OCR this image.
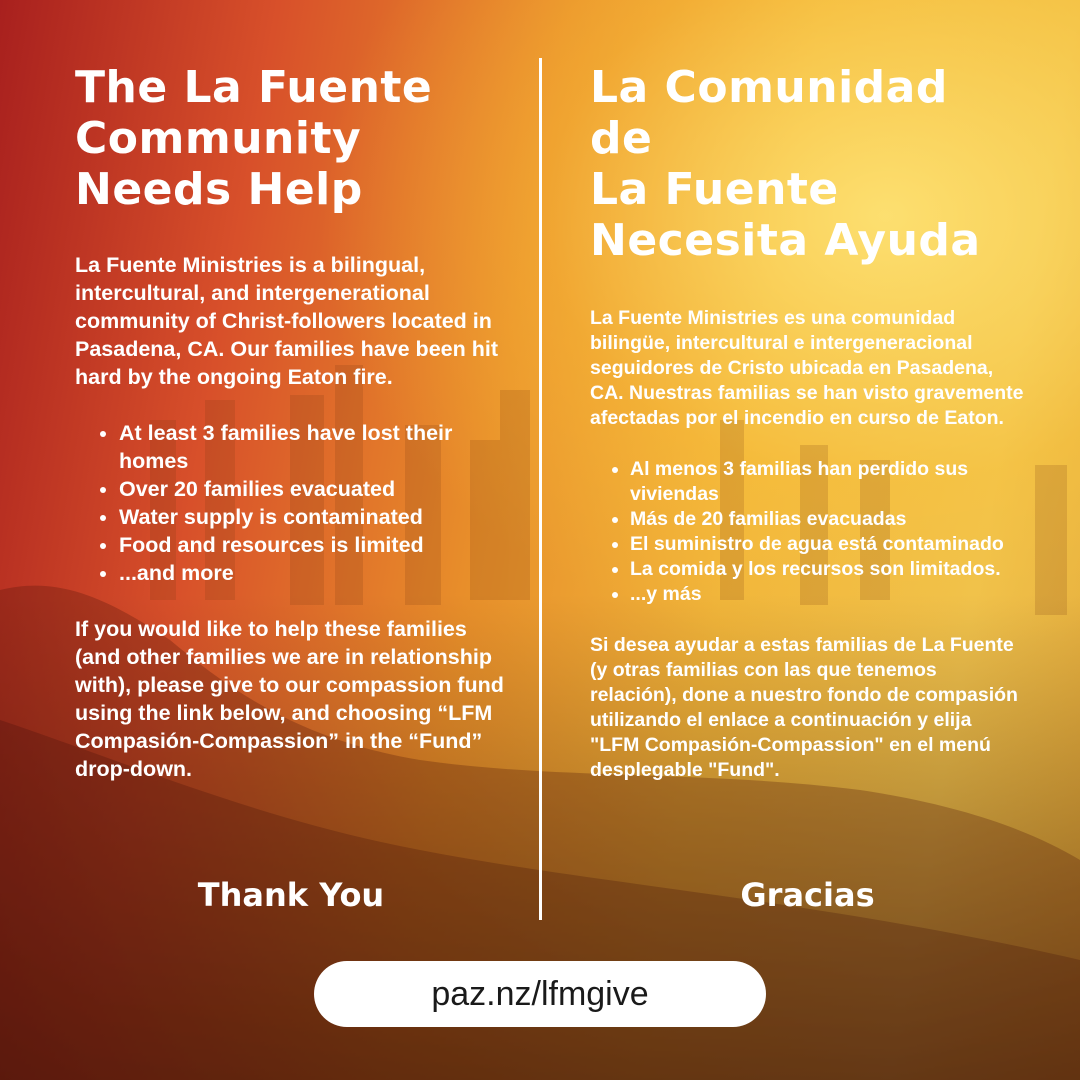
The La Fuente
Community
Needs Help

La Fuente Ministries is a bilingual, intercultural, and intergenerational community of Christ-followers located in Pasadena, CA. Our families have been hit hard by the ongoing Eaton fire.

• At least 3 families have lost their homes
• Over 20 families evacuated
• Water supply is contaminated
• Food and resources is limited
• ...and more

If you would like to help these families (and other families we are in relationship with), please give to our compassion fund using the link below, and choosing “LFM Compasión-Compassion” in the “Fund” drop-down.

La Comunidad de
La Fuente
Necesita Ayuda

La Fuente Ministries es una comunidad bilingüe, intercultural e intergeneracional seguidores de Cristo ubicada en Pasadena, CA. Nuestras familias se han visto gravemente afectadas por el incendio en curso de Eaton.

• Al menos 3 familias han perdido sus viviendas
• Más de 20 familias evacuadas
• El suministro de agua está contaminado
• La comida y los recursos son limitados.
• ...y más

Si desea ayudar a estas familias de La Fuente (y otras familias con las que tenemos relación), done a nuestro fondo de compasión utilizando el enlace a continuación y elija "LFM Compasión-Compassion" en el menú desplegable "Fund".

Thank You	Gracias
paz.nz/lfmgive
